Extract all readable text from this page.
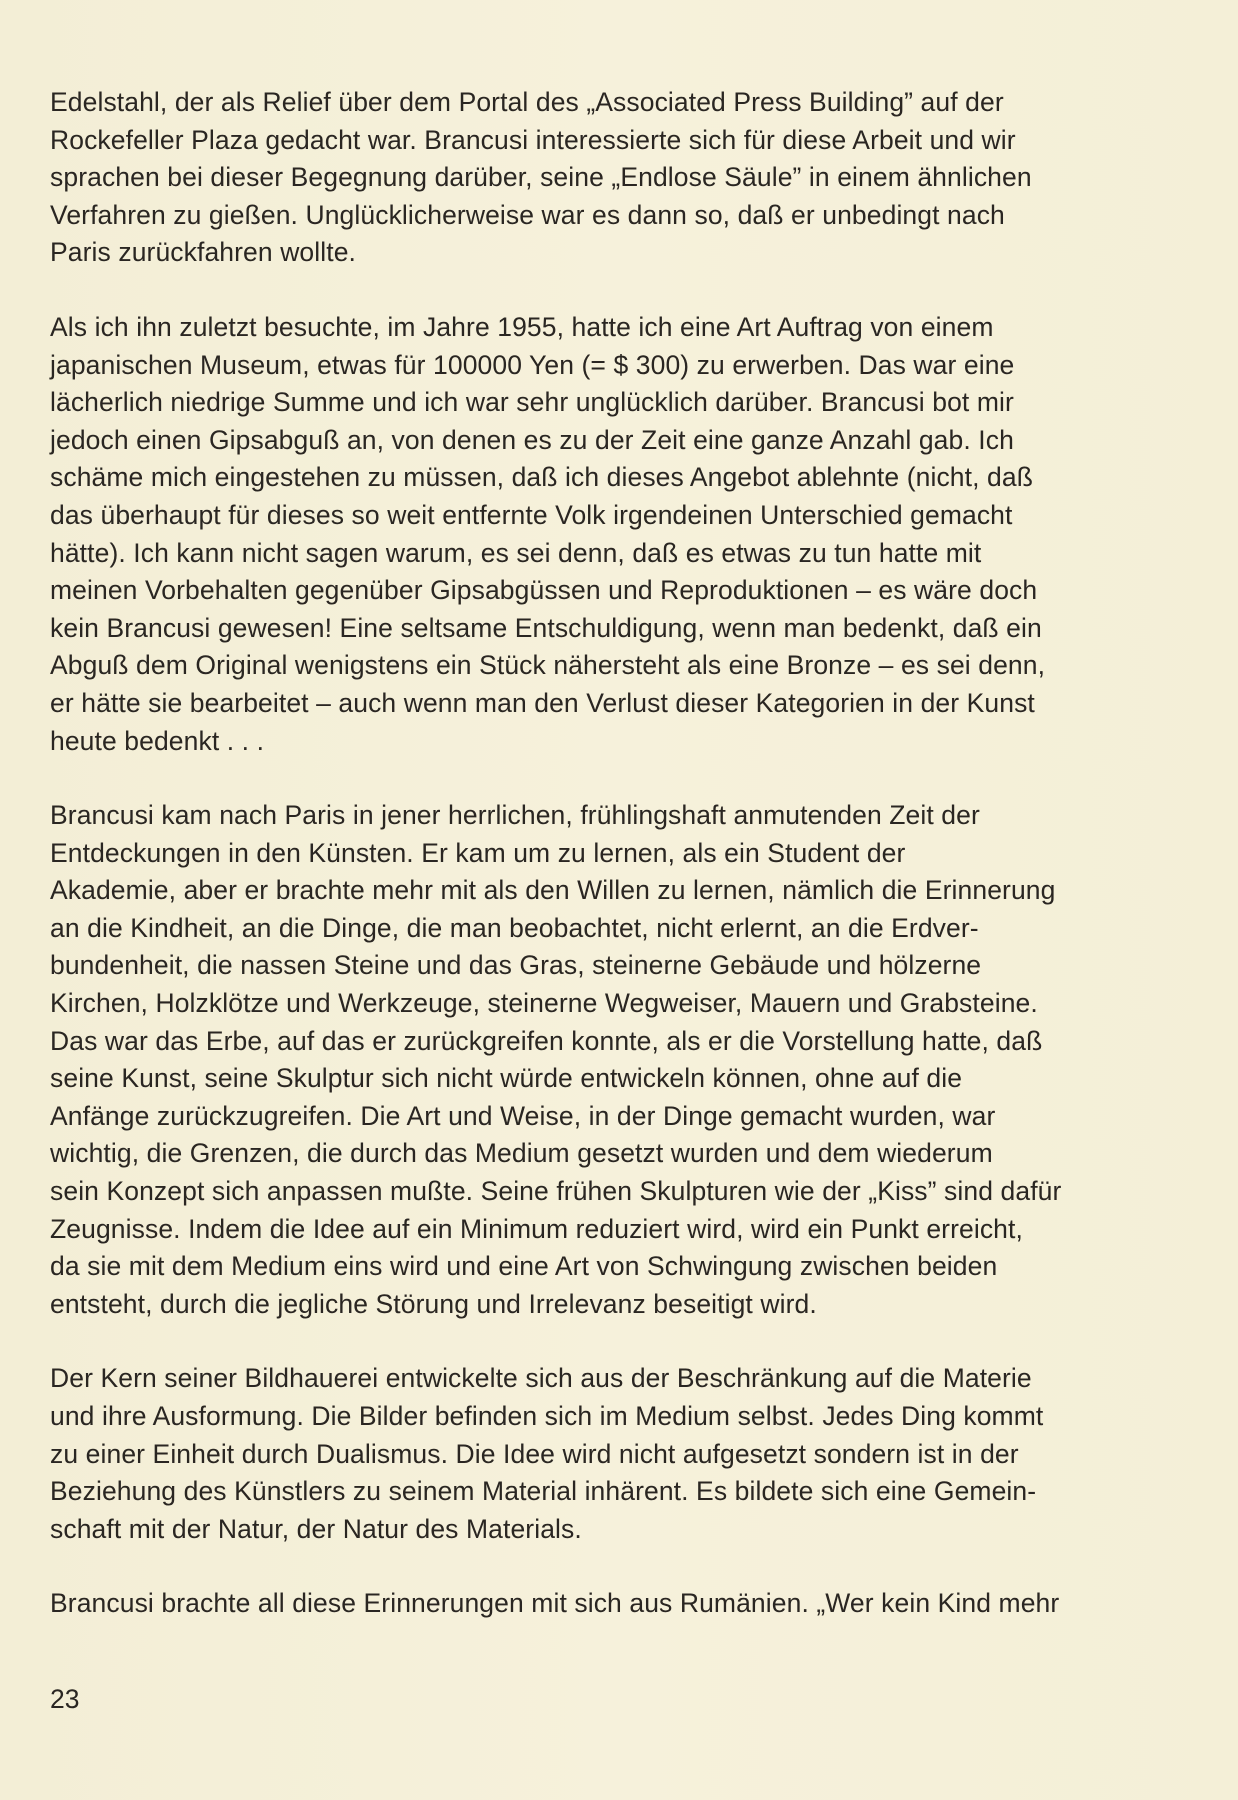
Edelstahl, der als Relief über dem Portal des „Associated Press Building” auf der
Rockefeller Plaza gedacht war. Brancusi interessierte sich für diese Arbeit und wir
sprachen bei dieser Begegnung darüber, seine „Endlose Säule” in einem ähnlichen
Verfahren zu gießen. Unglücklicherweise war es dann so, daß er unbedingt nach
Paris zurückfahren wollte.

Als ich ihn zuletzt besuchte, im Jahre 1955, hatte ich eine Art Auftrag von einem
japanischen Museum, etwas für 100000 Yen (= $ 300) zu erwerben. Das war eine
lächerlich niedrige Summe und ich war sehr unglücklich darüber. Brancusi bot mir
jedoch einen Gipsabguß an, von denen es zu der Zeit eine ganze Anzahl gab. Ich
schäme mich eingestehen zu müssen, daß ich dieses Angebot ablehnte (nicht, daß
das überhaupt für dieses so weit entfernte Volk irgendeinen Unterschied gemacht
hätte). Ich kann nicht sagen warum, es sei denn, daß es etwas zu tun hatte mit
meinen Vorbehalten gegenüber Gipsabgüssen und Reproduktionen – es wäre doch
kein Brancusi gewesen! Eine seltsame Entschuldigung, wenn man bedenkt, daß ein
Abguß dem Original wenigstens ein Stück nähersteht als eine Bronze – es sei denn,
er hätte sie bearbeitet – auch wenn man den Verlust dieser Kategorien in der Kunst
heute bedenkt . . .

Brancusi kam nach Paris in jener herrlichen, frühlingshaft anmutenden Zeit der
Entdeckungen in den Künsten. Er kam um zu lernen, als ein Student der
Akademie, aber er brachte mehr mit als den Willen zu lernen, nämlich die Erinnerung
an die Kindheit, an die Dinge, die man beobachtet, nicht erlernt, an die Erdver-
bundenheit, die nassen Steine und das Gras, steinerne Gebäude und hölzerne
Kirchen, Holzklötze und Werkzeuge, steinerne Wegweiser, Mauern und Grabsteine.
Das war das Erbe, auf das er zurückgreifen konnte, als er die Vorstellung hatte, daß
seine Kunst, seine Skulptur sich nicht würde entwickeln können, ohne auf die
Anfänge zurückzugreifen. Die Art und Weise, in der Dinge gemacht wurden, war
wichtig, die Grenzen, die durch das Medium gesetzt wurden und dem wiederum
sein Konzept sich anpassen mußte. Seine frühen Skulpturen wie der „Kiss” sind dafür
Zeugnisse. Indem die Idee auf ein Minimum reduziert wird, wird ein Punkt erreicht,
da sie mit dem Medium eins wird und eine Art von Schwingung zwischen beiden
entsteht, durch die jegliche Störung und Irrelevanz beseitigt wird.

Der Kern seiner Bildhauerei entwickelte sich aus der Beschränkung auf die Materie
und ihre Ausformung. Die Bilder befinden sich im Medium selbst. Jedes Ding kommt
zu einer Einheit durch Dualismus. Die Idee wird nicht aufgesetzt sondern ist in der
Beziehung des Künstlers zu seinem Material inhärent. Es bildete sich eine Gemein-
schaft mit der Natur, der Natur des Materials.

Brancusi brachte all diese Erinnerungen mit sich aus Rumänien. „Wer kein Kind mehr

23
